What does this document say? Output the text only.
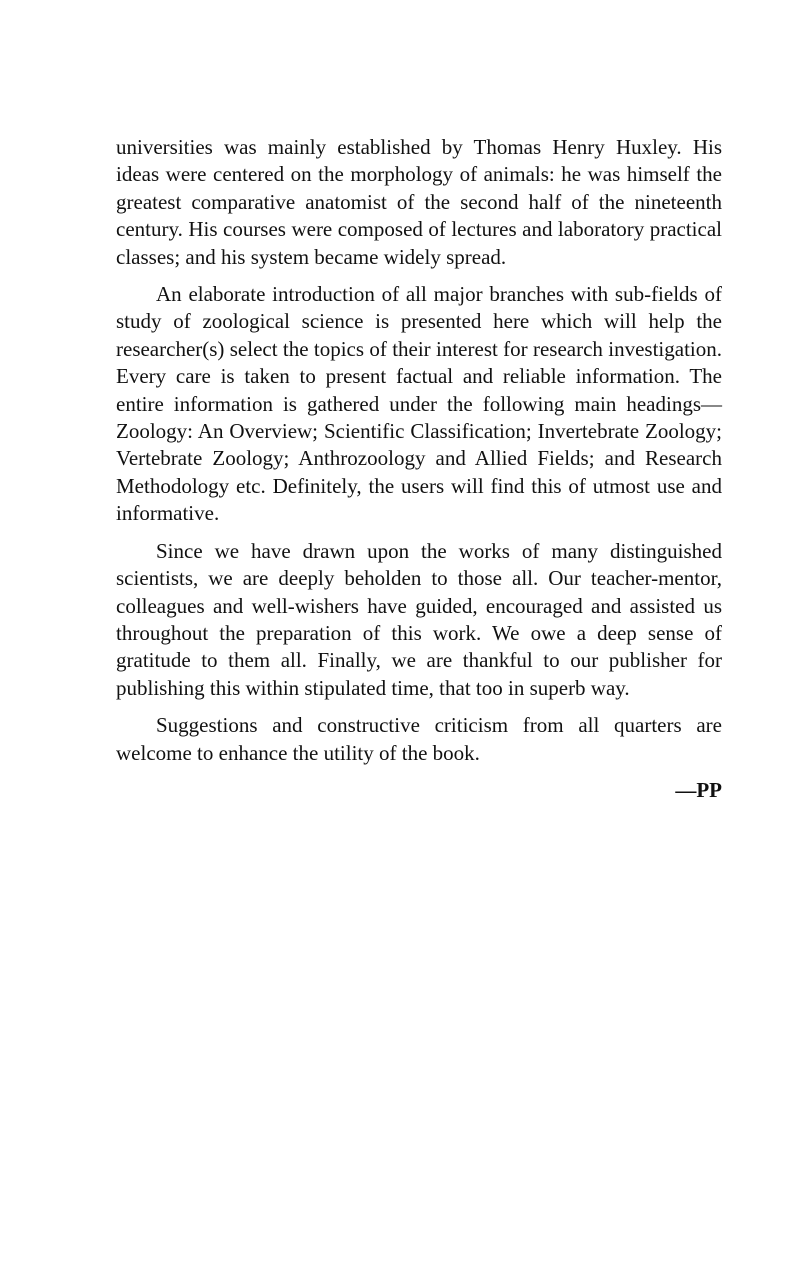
universities was mainly established by Thomas Henry Huxley. His ideas were centered on the morphology of animals: he was himself the greatest comparative anatomist of the second half of the nineteenth century. His courses were composed of lectures and laboratory practical classes; and his system became widely spread.

An elaborate introduction of all major branches with sub-fields of study of zoological science is presented here which will help the researcher(s) select the topics of their interest for research investigation. Every care is taken to present factual and reliable information. The entire information is gathered under the following main headings—Zoology: An Overview; Scientific Classification; Invertebrate Zoology; Vertebrate Zoology; Anthrozoology and Allied Fields; and Research Methodology etc. Definitely, the users will find this of utmost use and informative.

Since we have drawn upon the works of many distinguished scientists, we are deeply beholden to those all. Our teacher-mentor, colleagues and well-wishers have guided, encouraged and assisted us throughout the preparation of this work. We owe a deep sense of gratitude to them all. Finally, we are thankful to our publisher for publishing this within stipulated time, that too in superb way.

Suggestions and constructive criticism from all quarters are welcome to enhance the utility of the book.

—PP
